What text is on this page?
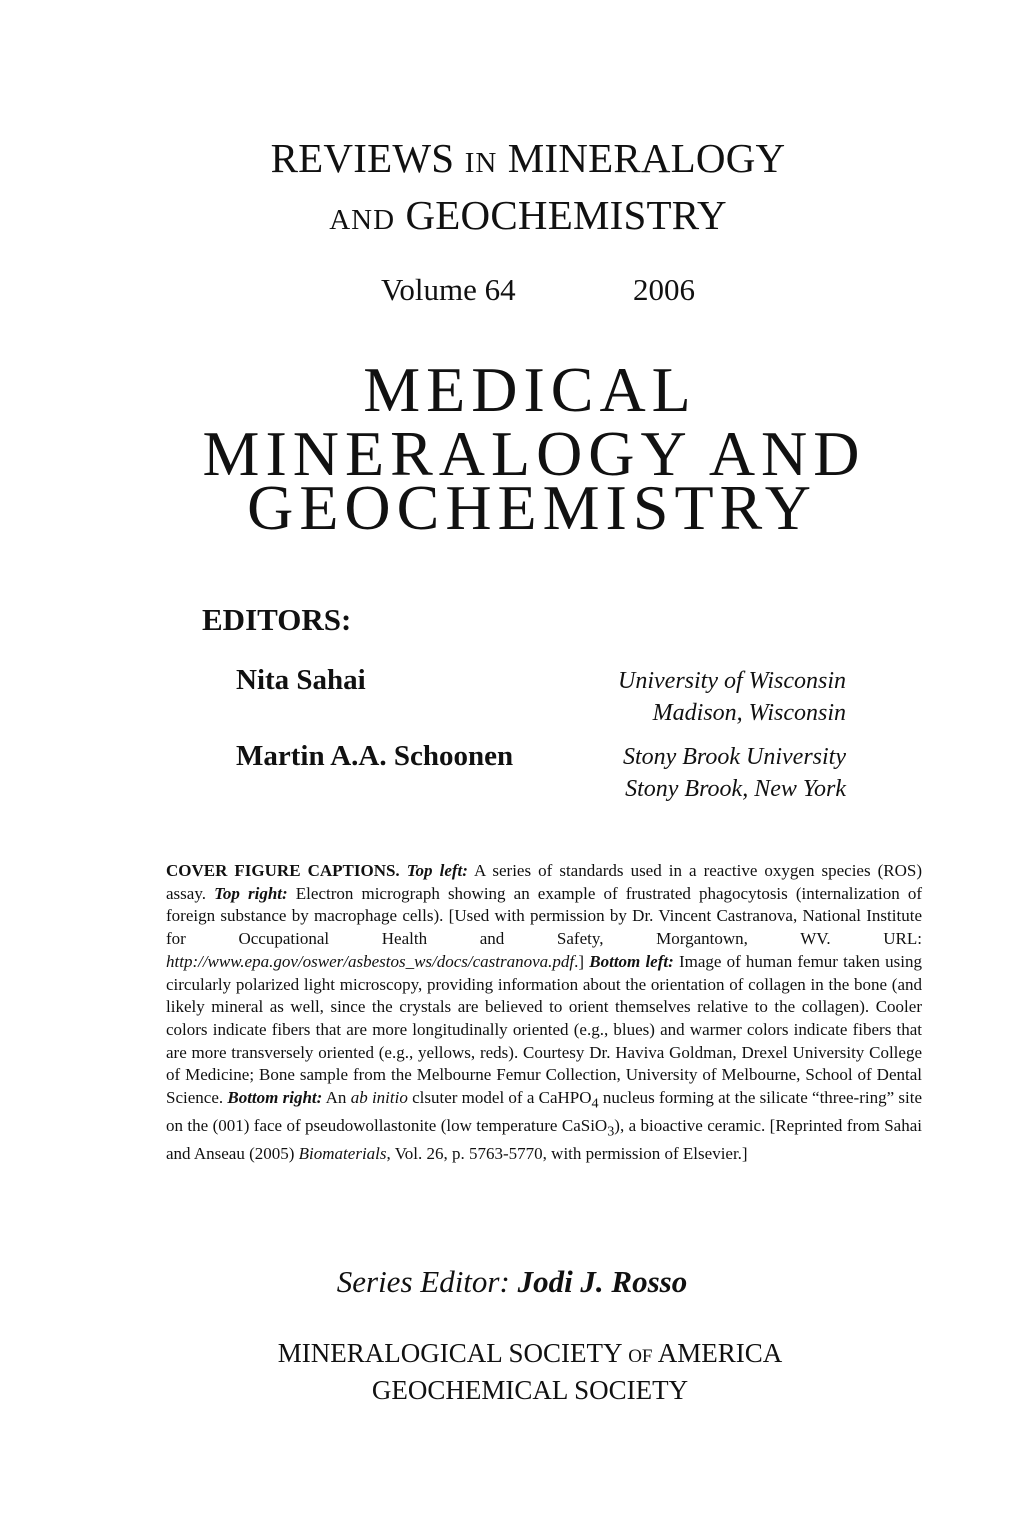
REVIEWS IN MINERALOGY
AND GEOCHEMISTRY
Volume 64	2006
MEDICAL
MINERALOGY AND
GEOCHEMISTRY
EDITORS:
Nita Sahai	University of Wisconsin
Madison, Wisconsin
Martin A.A. Schoonen	Stony Brook University
Stony Brook, New York
COVER FIGURE CAPTIONS. Top left: A series of standards used in a reactive oxygen species (ROS) assay. Top right: Electron micrograph showing an example of frustrated phagocytosis (internalization of foreign substance by macrophage cells). [Used with permission by Dr. Vincent Castranova, National Institute for Occupational Health and Safety, Morgantown, WV. URL: http://www.epa.gov/oswer/asbestos_ws/docs/castranova.pdf.] Bottom left: Image of human femur taken using circularly polarized light microscopy, providing information about the orientation of collagen in the bone (and likely mineral as well, since the crystals are believed to orient themselves relative to the collagen). Cooler colors indicate fibers that are more longitudinally oriented (e.g., blues) and warmer colors indicate fibers that are more transversely oriented (e.g., yellows, reds). Courtesy Dr. Haviva Goldman, Drexel University College of Medicine; Bone sample from the Melbourne Femur Collection, University of Melbourne, School of Dental Science. Bottom right: An ab initio clsuter model of a CaHPO$_4$ nucleus forming at the silicate “three-ring” site on the (001) face of pseudowollastonite (low temperature CaSiO$_3$), a bioactive ceramic. [Reprinted from Sahai and Anseau (2005) Biomaterials, Vol. 26, p. 5763-5770, with permission of Elsevier.]
Series Editor: Jodi J. Rosso
MINERALOGICAL SOCIETY OF AMERICA
GEOCHEMICAL SOCIETY
